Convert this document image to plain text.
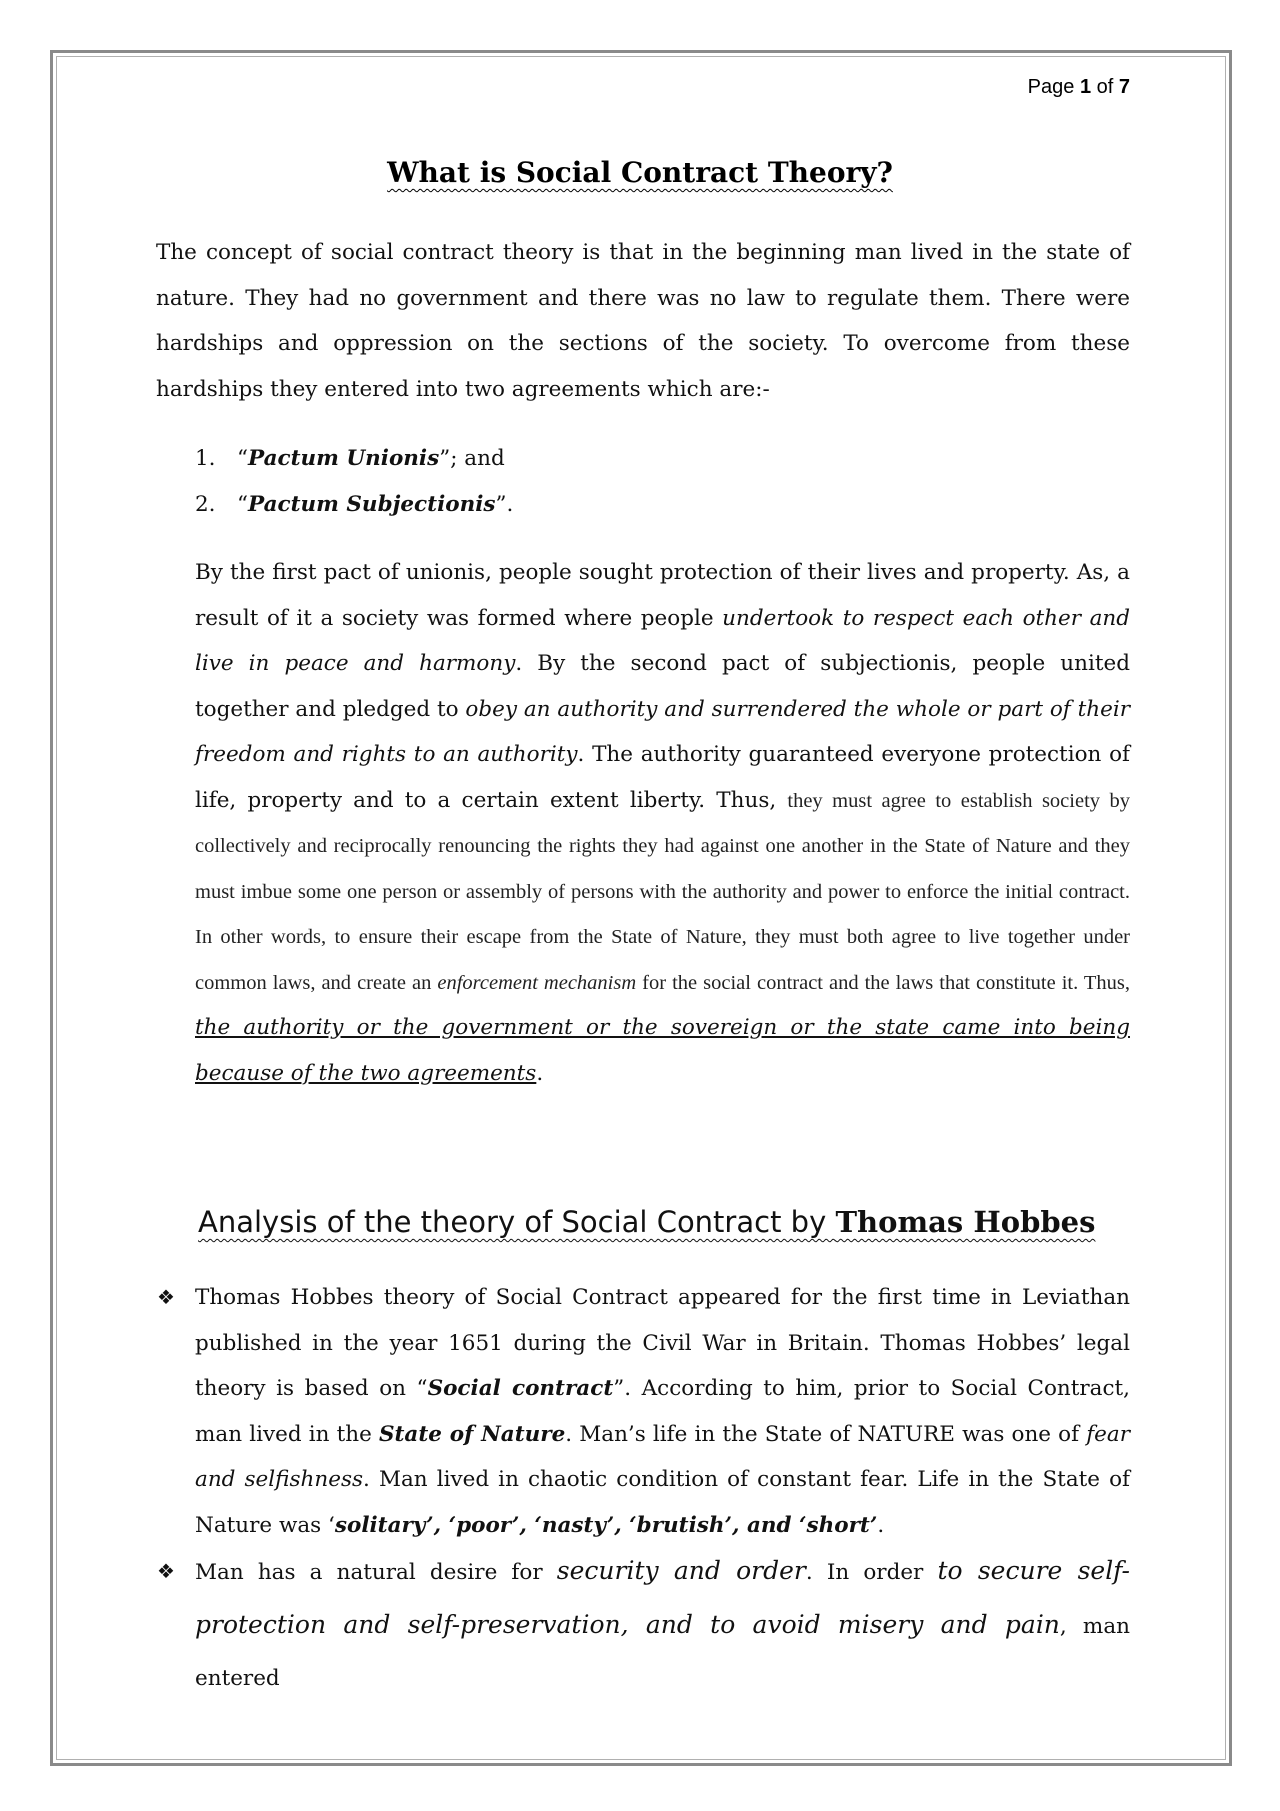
Page 1 of 7
What is Social Contract Theory?
The concept of social contract theory is that in the beginning man lived in the state of nature. They had no government and there was no law to regulate them. There were hardships and oppression on the sections of the society. To overcome from these hardships they entered into two agreements which are:-
1. “Pactum Unionis”; and
2. “Pactum Subjectionis”.
By the first pact of unionis, people sought protection of their lives and property. As, a result of it a society was formed where people undertook to respect each other and live in peace and harmony. By the second pact of subjectionis, people united together and pledged to obey an authority and surrendered the whole or part of their freedom and rights to an authority. The authority guaranteed everyone protection of life, property and to a certain extent liberty. Thus, they must agree to establish society by collectively and reciprocally renouncing the rights they had against one another in the State of Nature and they must imbue some one person or assembly of persons with the authority and power to enforce the initial contract. In other words, to ensure their escape from the State of Nature, they must both agree to live together under common laws, and create an enforcement mechanism for the social contract and the laws that constitute it. Thus, the authority or the government or the sovereign or the state came into being because of the two agreements.
Analysis of the theory of Social Contract by Thomas Hobbes
❖ Thomas Hobbes theory of Social Contract appeared for the first time in Leviathan published in the year 1651 during the Civil War in Britain. Thomas Hobbes’ legal theory is based on “Social contract”. According to him, prior to Social Contract, man lived in the State of Nature. Man’s life in the State of NATURE was one of fear and selfishness. Man lived in chaotic condition of constant fear. Life in the State of Nature was ‘solitary’, ‘poor’, ‘nasty’, ‘brutish’, and ‘short’.
❖ Man has a natural desire for security and order. In order to secure self-protection and self-preservation, and to avoid misery and pain, man entered
